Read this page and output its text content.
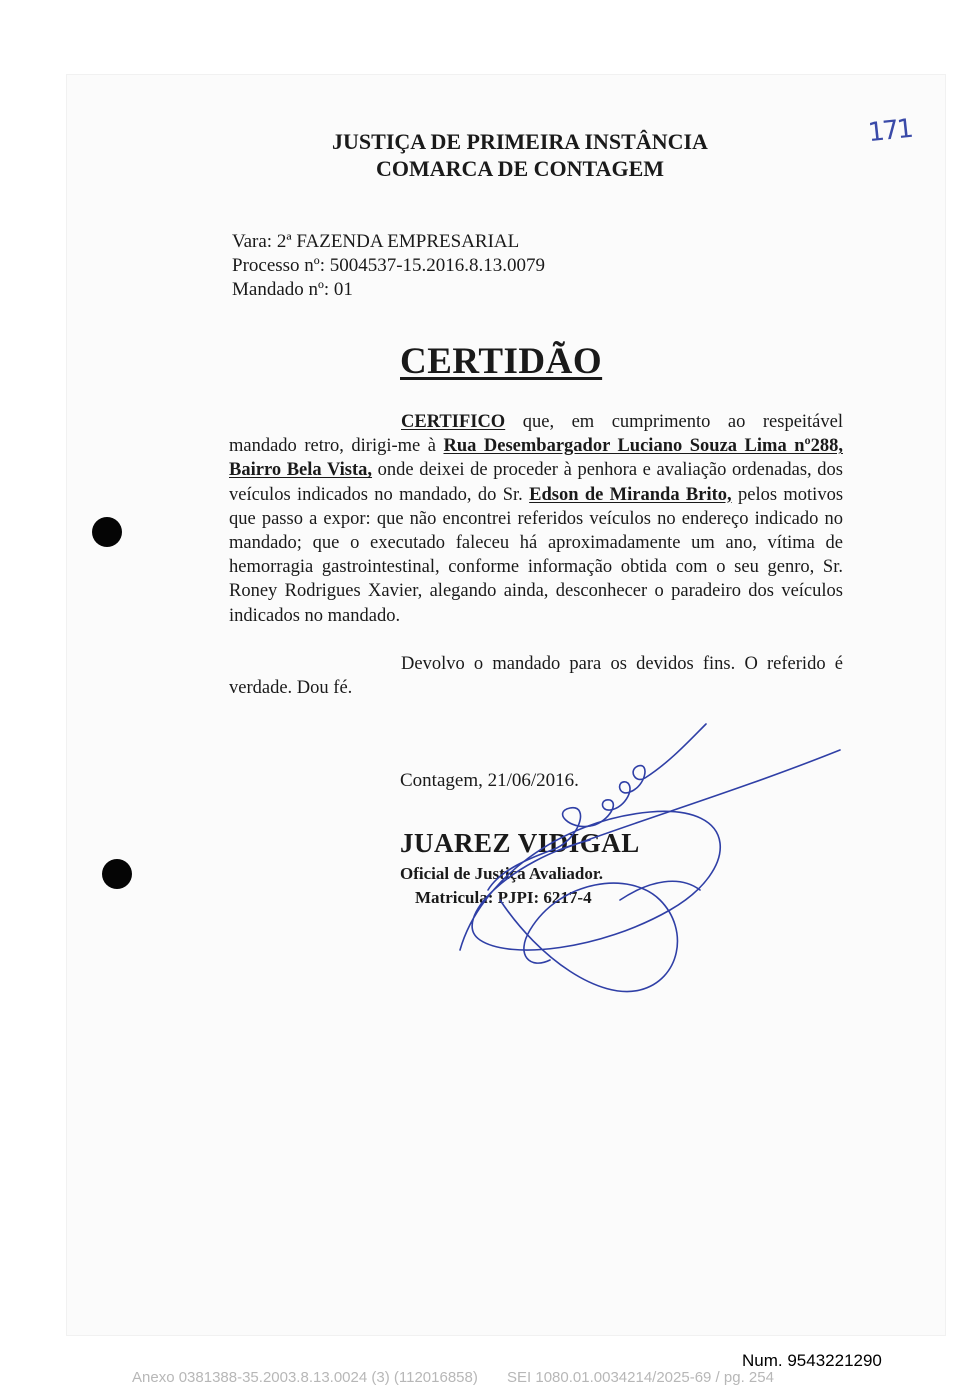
JUSTIÇA DE PRIMEIRA INSTÂNCIA
COMARCA DE CONTAGEM
171
Vara: 2ª FAZENDA EMPRESARIAL
Processo nº: 5004537-15.2016.8.13.0079
Mandado nº: 01
CERTIDÃO

CERTIFICO que, em cumprimento ao respeitável mandado retro, dirigi-me à Rua Desembargador Luciano Souza Lima nº288, Bairro Bela Vista, onde deixei de proceder à penhora e avaliação ordenadas, dos veículos indicados no mandado, do Sr. Edson de Miranda Brito, pelos motivos que passo a expor: que não encontrei referidos veículos no endereço indicado no mandado; que o executado faleceu há aproximadamente um ano, vítima de hemorragia gastrointestinal, conforme informação obtida com o seu genro, Sr. Roney Rodrigues Xavier, alegando ainda, desconhecer o paradeiro dos veículos indicados no mandado.

Devolvo o mandado para os devidos fins. O referido é verdade. Dou fé.

Contagem, 21/06/2016.
JUAREZ VIDIGAL
Oficial de Justiça Avaliador.
Matricula: PJPI: 6217-4
Num. 9543221290
Anexo 0381388-35.2003.8.13.0024 (3) (112016858) SEI 1080.01.0034214/2025-69 / pg. 254
